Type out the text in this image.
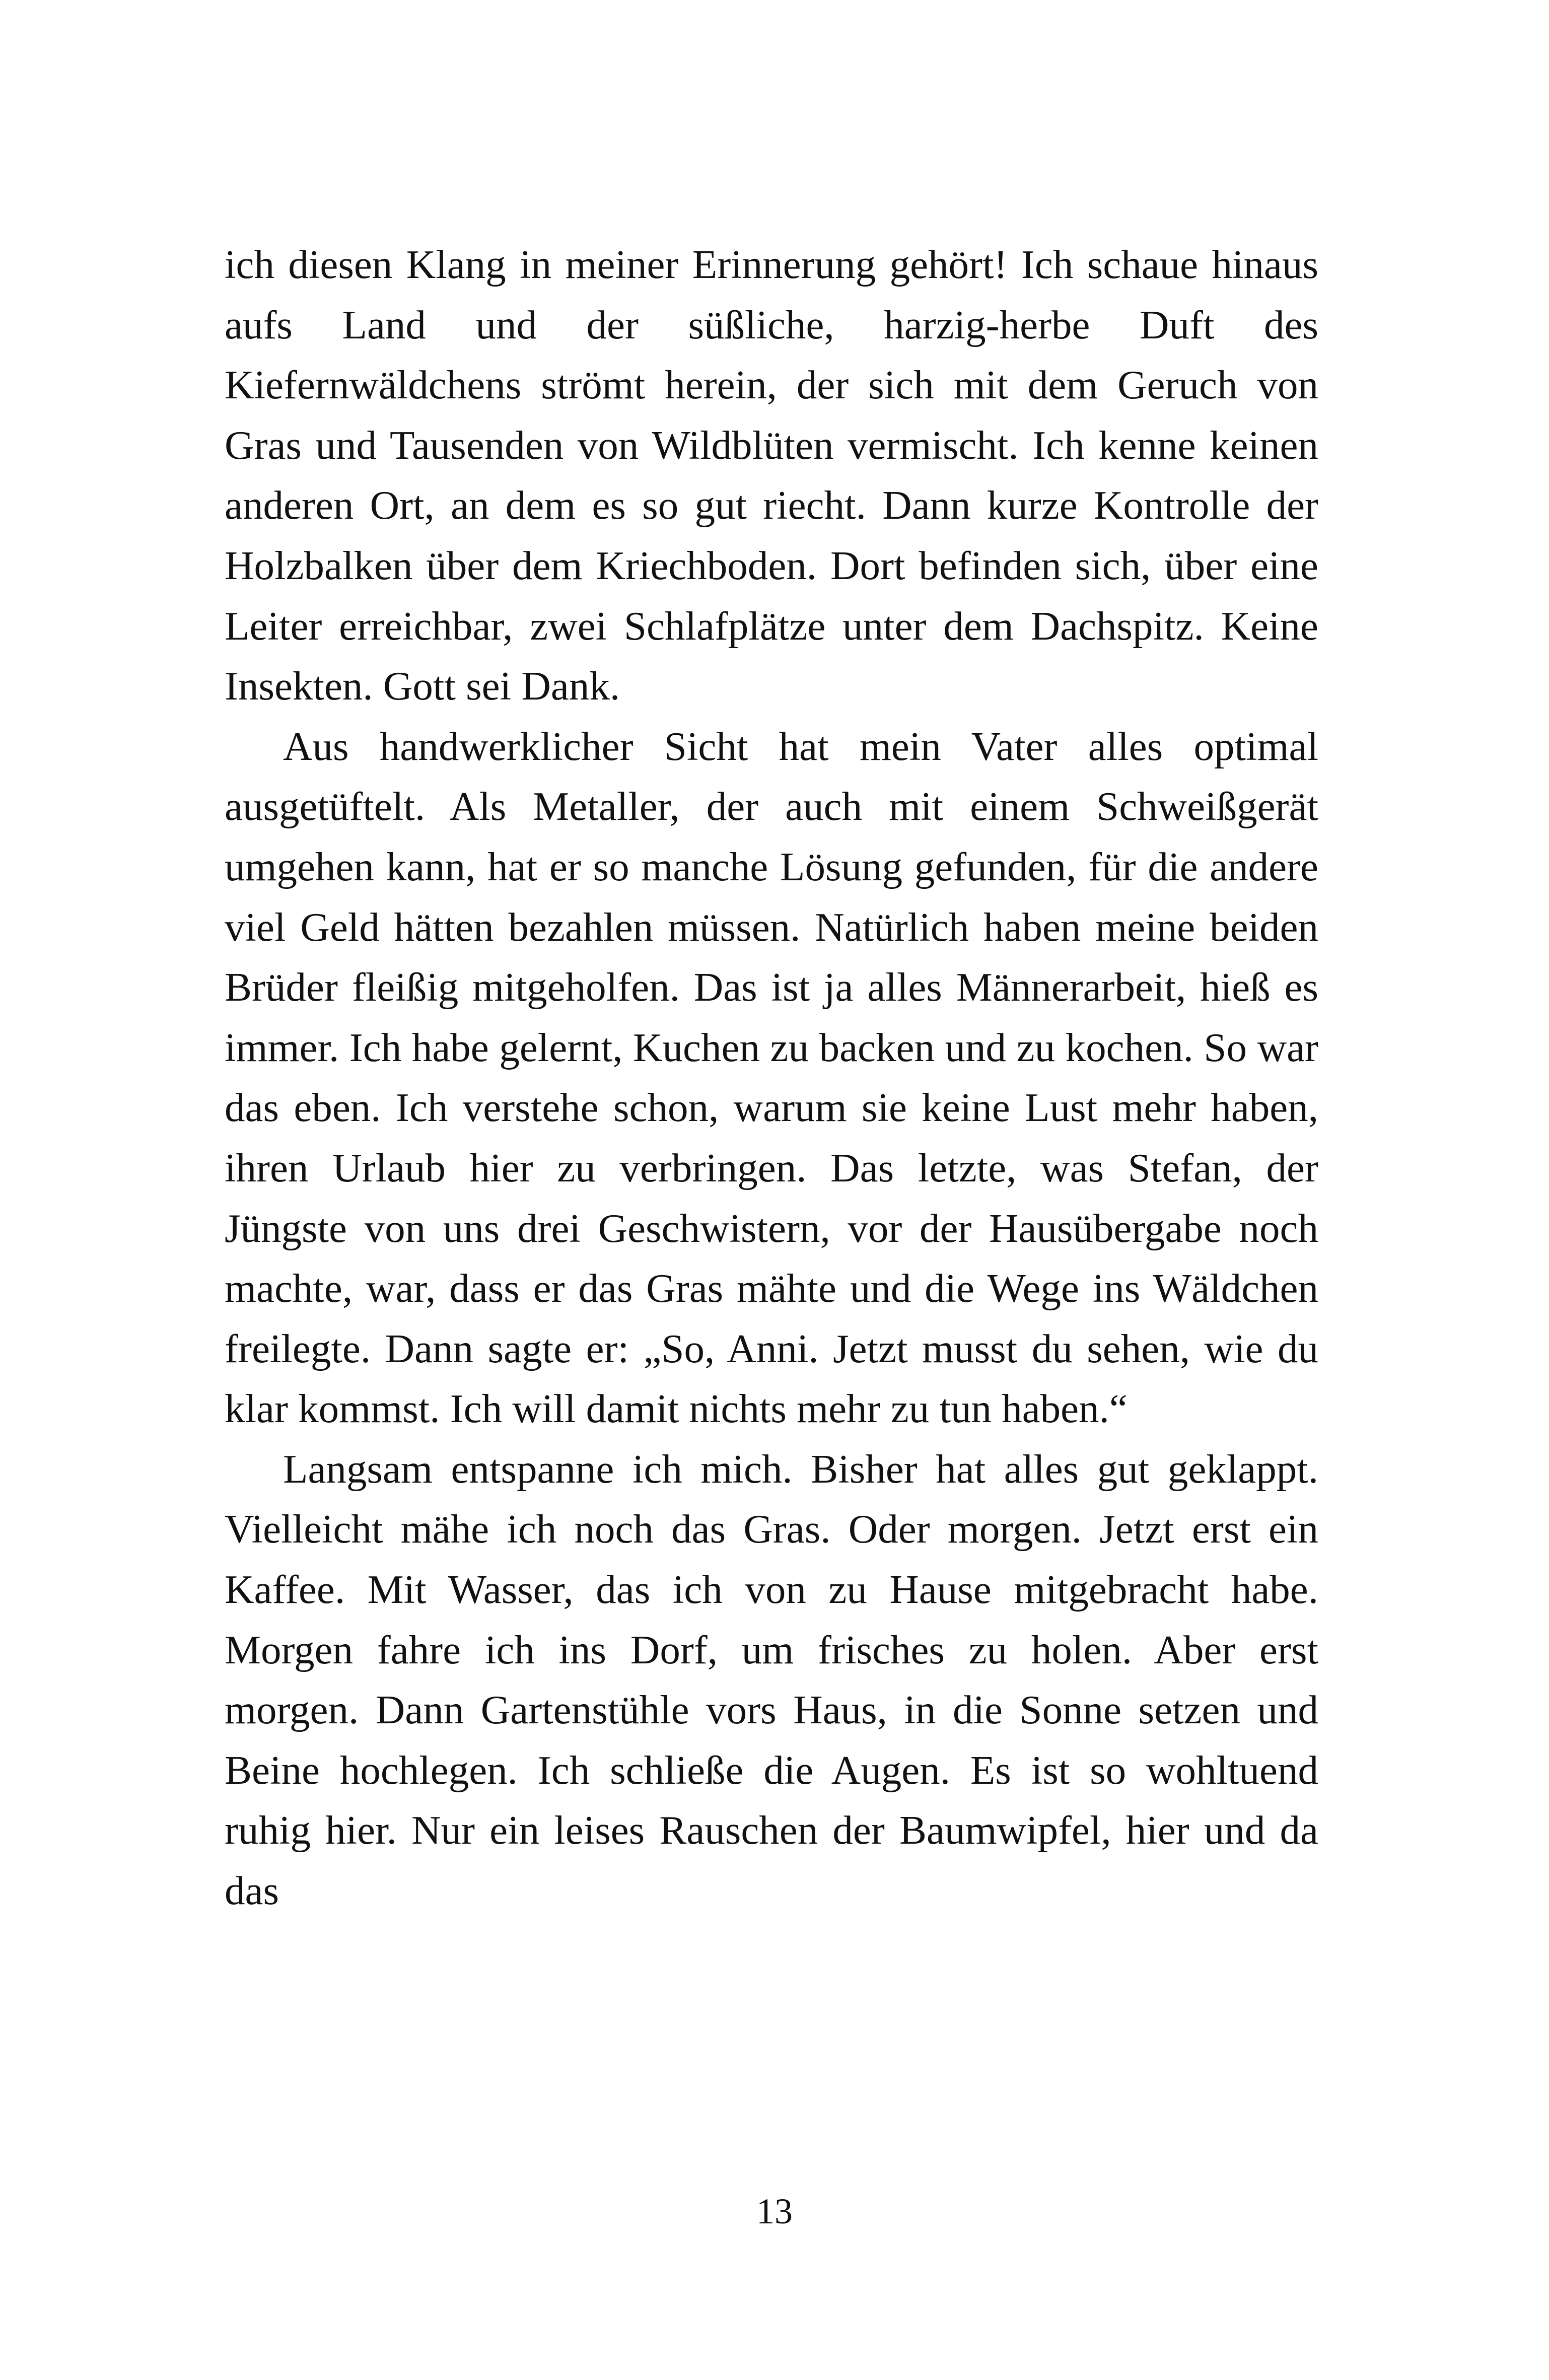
ich diesen Klang in meiner Erinnerung gehört! Ich schaue hinaus aufs Land und der süßliche, harzig-herbe Duft des Kiefernwäldchens strömt herein, der sich mit dem Geruch von Gras und Tausenden von Wildblüten vermischt. Ich kenne keinen anderen Ort, an dem es so gut riecht. Dann kurze Kontrolle der Holzbalken über dem Kriechboden. Dort befinden sich, über eine Leiter erreichbar, zwei Schlafplätze unter dem Dachspitz. Keine Insekten. Gott sei Dank.

Aus handwerklicher Sicht hat mein Vater alles optimal ausgetüftelt. Als Metaller, der auch mit einem Schweißgerät umgehen kann, hat er so manche Lösung gefunden, für die andere viel Geld hätten bezahlen müssen. Natürlich haben meine beiden Brüder fleißig mitgeholfen. Das ist ja alles Männerarbeit, hieß es immer. Ich habe gelernt, Kuchen zu backen und zu kochen. So war das eben. Ich verstehe schon, warum sie keine Lust mehr haben, ihren Urlaub hier zu verbringen. Das letzte, was Stefan, der Jüngste von uns drei Geschwistern, vor der Hausübergabe noch machte, war, dass er das Gras mähte und die Wege ins Wäldchen freilegte. Dann sagte er: „So, Anni. Jetzt musst du sehen, wie du klar kommst. Ich will damit nichts mehr zu tun haben.“

Langsam entspanne ich mich. Bisher hat alles gut geklappt. Vielleicht mähe ich noch das Gras. Oder morgen. Jetzt erst ein Kaffee. Mit Wasser, das ich von zu Hause mitgebracht habe. Morgen fahre ich ins Dorf, um frisches zu holen. Aber erst morgen. Dann Gartenstühle vors Haus, in die Sonne setzen und Beine hochlegen. Ich schließe die Augen. Es ist so wohltuend ruhig hier. Nur ein leises Rauschen der Baumwipfel, hier und da das

13
